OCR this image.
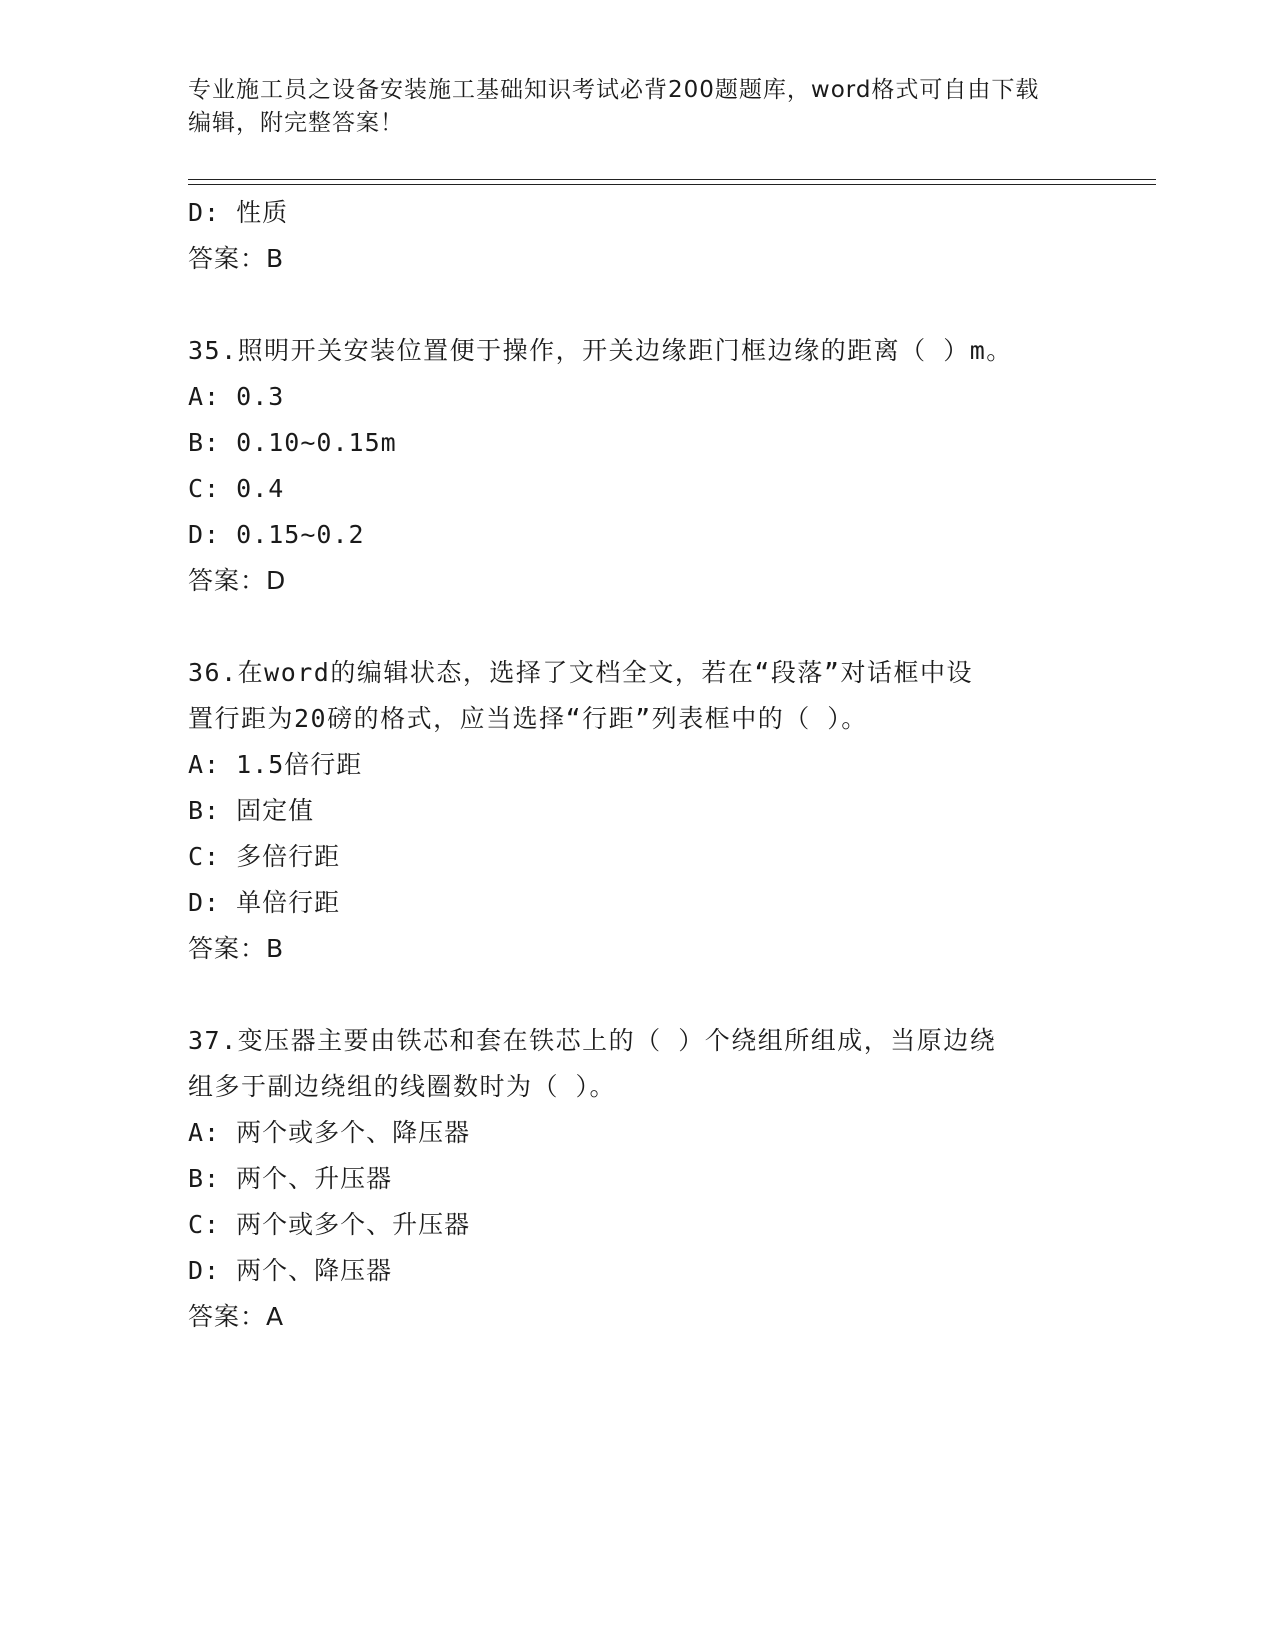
专业施工员之设备安装施工基础知识考试必背200题题库，word格式可自由下载
编辑，附完整答案！
D: 性质
答案：B
35.照明开关安装位置便于操作，开关边缘距门框边缘的距离（ ）m。
A: 0.3
B: 0.10~0.15m
C: 0.4
D: 0.15~0.2
答案：D
36.在word的编辑状态，选择了文档全文，若在“段落”对话框中设
置行距为20磅的格式，应当选择“行距”列表框中的（ ）。
A: 1.5倍行距
B: 固定值
C: 多倍行距
D: 单倍行距
答案：B
37.变压器主要由铁芯和套在铁芯上的（ ）个绕组所组成，当原边绕
组多于副边绕组的线圈数时为（ ）。
A: 两个或多个、降压器
B: 两个、升压器
C: 两个或多个、升压器
D: 两个、降压器
答案：A
